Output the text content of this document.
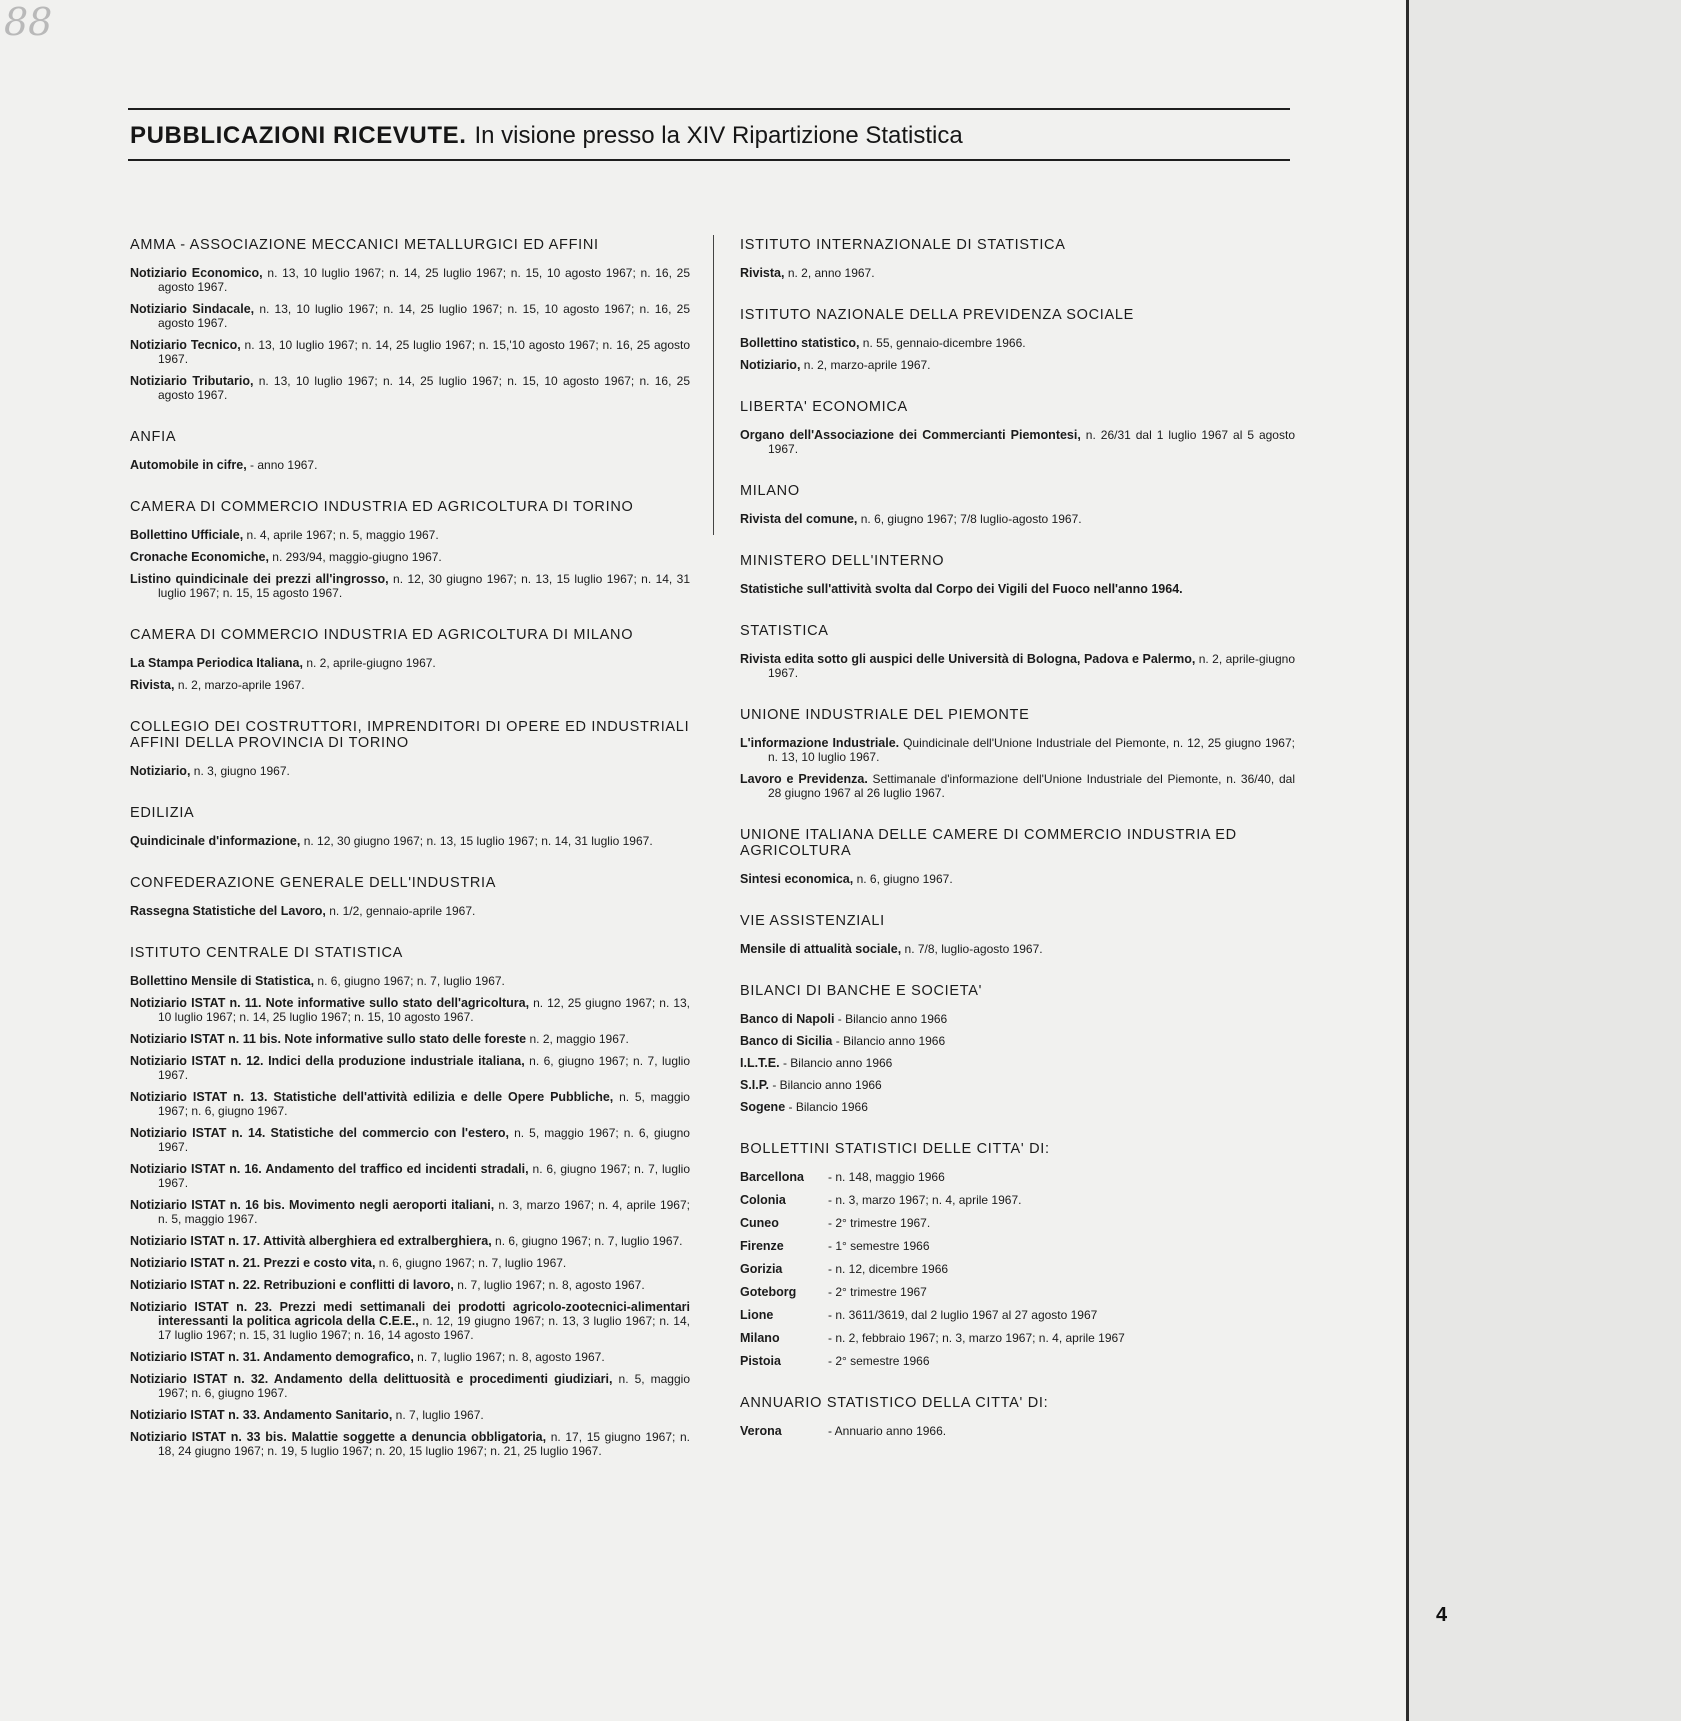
88
PUBBLICAZIONI RICEVUTE. In visione presso la XIV Ripartizione Statistica
AMMA - ASSOCIAZIONE MECCANICI METALLURGICI ED AFFINI
Notiziario Economico, n. 13, 10 luglio 1967; n. 14, 25 luglio 1967; n. 15, 10 agosto 1967; n. 16, 25 agosto 1967.
Notiziario Sindacale, n. 13, 10 luglio 1967; n. 14, 25 luglio 1967; n. 15, 10 agosto 1967; n. 16, 25 agosto 1967.
Notiziario Tecnico, n. 13, 10 luglio 1967; n. 14, 25 luglio 1967; n. 15,'10 agosto 1967; n. 16, 25 agosto 1967.
Notiziario Tributario, n. 13, 10 luglio 1967; n. 14, 25 luglio 1967; n. 15, 10 agosto 1967; n. 16, 25 agosto 1967.
ANFIA
Automobile in cifre, - anno 1967.
CAMERA DI COMMERCIO INDUSTRIA ED AGRICOLTURA DI TORINO
Bollettino Ufficiale, n. 4, aprile 1967; n. 5, maggio 1967.
Cronache Economiche, n. 293/94, maggio-giugno 1967.
Listino quindicinale dei prezzi all'ingrosso, n. 12, 30 giugno 1967; n. 13, 15 luglio 1967; n. 14, 31 luglio 1967; n. 15, 15 agosto 1967.
CAMERA DI COMMERCIO INDUSTRIA ED AGRICOLTURA DI MILANO
La Stampa Periodica Italiana, n. 2, aprile-giugno 1967.
Rivista, n. 2, marzo-aprile 1967.
COLLEGIO DEI COSTRUTTORI, IMPRENDITORI DI OPERE ED INDUSTRIALI AFFINI DELLA PROVINCIA DI TORINO
Notiziario, n. 3, giugno 1967.
EDILIZIA
Quindicinale d'informazione, n. 12, 30 giugno 1967; n. 13, 15 luglio 1967; n. 14, 31 luglio 1967.
CONFEDERAZIONE GENERALE DELL'INDUSTRIA
Rassegna Statistiche del Lavoro, n. 1/2, gennaio-aprile 1967.
ISTITUTO CENTRALE DI STATISTICA
Bollettino Mensile di Statistica, n. 6, giugno 1967; n. 7, luglio 1967.
Notiziario ISTAT n. 11. Note informative sullo stato dell'agricoltura, n. 12, 25 giugno 1967; n. 13, 10 luglio 1967; n. 14, 25 luglio 1967; n. 15, 10 agosto 1967.
Notiziario ISTAT n. 11 bis. Note informative sullo stato delle foreste n. 2, maggio 1967.
Notiziario ISTAT n. 12. Indici della produzione industriale italiana, n. 6, giugno 1967; n. 7, luglio 1967.
Notiziario ISTAT n. 13. Statistiche dell'attività edilizia e delle Opere Pubbliche, n. 5, maggio 1967; n. 6, giugno 1967.
Notiziario ISTAT n. 14. Statistiche del commercio con l'estero, n. 5, maggio 1967; n. 6, giugno 1967.
Notiziario ISTAT n. 16. Andamento del traffico ed incidenti stradali, n. 6, giugno 1967; n. 7, luglio 1967.
Notiziario ISTAT n. 16 bis. Movimento negli aeroporti italiani, n. 3, marzo 1967; n. 4, aprile 1967; n. 5, maggio 1967.
Notiziario ISTAT n. 17. Attività alberghiera ed extralberghiera, n. 6, giugno 1967; n. 7, luglio 1967.
Notiziario ISTAT n. 21. Prezzi e costo vita, n. 6, giugno 1967; n. 7, luglio 1967.
Notiziario ISTAT n. 22. Retribuzioni e conflitti di lavoro, n. 7, luglio 1967; n. 8, agosto 1967.
Notiziario ISTAT n. 23. Prezzi medi settimanali dei prodotti agricolo-zootecnici-alimentari interessanti la politica agricola della C.E.E., n. 12, 19 giugno 1967; n. 13, 3 luglio 1967; n. 14, 17 luglio 1967; n. 15, 31 luglio 1967; n. 16, 14 agosto 1967.
Notiziario ISTAT n. 31. Andamento demografico, n. 7, luglio 1967; n. 8, agosto 1967.
Notiziario ISTAT n. 32. Andamento della delittuosità e procedimenti giudiziari, n. 5, maggio 1967; n. 6, giugno 1967.
Notiziario ISTAT n. 33. Andamento Sanitario, n. 7, luglio 1967.
Notiziario ISTAT n. 33 bis. Malattie soggette a denuncia obbligatoria, n. 17, 15 giugno 1967; n. 18, 24 giugno 1967; n. 19, 5 luglio 1967; n. 20, 15 luglio 1967; n. 21, 25 luglio 1967.
ISTITUTO INTERNAZIONALE DI STATISTICA
Rivista, n. 2, anno 1967.
ISTITUTO NAZIONALE DELLA PREVIDENZA SOCIALE
Bollettino statistico, n. 55, gennaio-dicembre 1966.
Notiziario, n. 2, marzo-aprile 1967.
LIBERTA' ECONOMICA
Organo dell'Associazione dei Commercianti Piemontesi, n. 26/31 dal 1 luglio 1967 al 5 agosto 1967.
MILANO
Rivista del comune, n. 6, giugno 1967; 7/8 luglio-agosto 1967.
MINISTERO DELL'INTERNO
Statistiche sull'attività svolta dal Corpo dei Vigili del Fuoco nell'anno 1964.
STATISTICA
Rivista edita sotto gli auspici delle Università di Bologna, Padova e Palermo, n. 2, aprile-giugno 1967.
UNIONE INDUSTRIALE DEL PIEMONTE
L'informazione Industriale. Quindicinale dell'Unione Industriale del Piemonte, n. 12, 25 giugno 1967; n. 13, 10 luglio 1967.
Lavoro e Previdenza. Settimanale d'informazione dell'Unione Industriale del Piemonte, n. 36/40, dal 28 giugno 1967 al 26 luglio 1967.
UNIONE ITALIANA DELLE CAMERE DI COMMERCIO INDUSTRIA ED AGRICOLTURA
Sintesi economica, n. 6, giugno 1967.
VIE ASSISTENZIALI
Mensile di attualità sociale, n. 7/8, luglio-agosto 1967.
BILANCI DI BANCHE E SOCIETA'
Banco di Napoli - Bilancio anno 1966
Banco di Sicilia - Bilancio anno 1966
I.L.T.E. - Bilancio anno 1966
S.I.P. - Bilancio anno 1966
Sogene - Bilancio 1966
BOLLETTINI STATISTICI DELLE CITTA' DI:
Barcellona	- n. 148, maggio 1966
Colonia	- n. 3, marzo 1967; n. 4, aprile 1967.
Cuneo	- 2° trimestre 1967.
Firenze	- 1° semestre 1966
Gorizia	- n. 12, dicembre 1966
Goteborg	- 2° trimestre 1967
Lione	- n. 3611/3619, dal 2 luglio 1967 al 27 agosto 1967
Milano	- n. 2, febbraio 1967; n. 3, marzo 1967; n. 4, aprile 1967
Pistoia	- 2° semestre 1966
ANNUARIO STATISTICO DELLA CITTA' DI:
Verona	- Annuario anno 1966.
4
